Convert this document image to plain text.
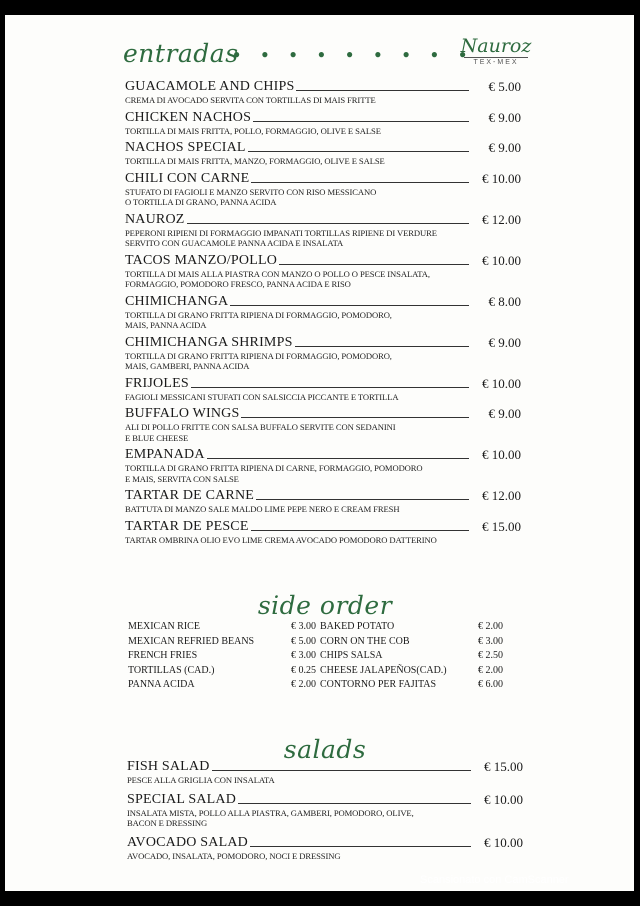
entradas
● ● ● ● ● ● ● ● ●
Nauroz
TEX-MEX
GUACAMOLE AND CHIPS	€ 5.00
CREMA DI AVOCADO SERVITA CON TORTILLAS DI MAIS FRITTE
CHICKEN NACHOS	€ 9.00
TORTILLA DI MAIS FRITTA, POLLO, FORMAGGIO, OLIVE E SALSE
NACHOS SPECIAL	€ 9.00
TORTILLA DI MAIS FRITTA, MANZO, FORMAGGIO, OLIVE E SALSE
CHILI CON CARNE	€ 10.00
STUFATO DI FAGIOLI E MANZO SERVITO CON RISO MESSICANO
O TORTILLA DI GRANO, PANNA ACIDA
NAUROZ	€ 12.00
PEPERONI RIPIENI DI FORMAGGIO IMPANATI TORTILLAS RIPIENE DI VERDURE
SERVITO CON GUACAMOLE PANNA ACIDA E INSALATA
TACOS MANZO/POLLO	€ 10.00
TORTILLA DI MAIS ALLA PIASTRA CON MANZO O POLLO O PESCE INSALATA,
FORMAGGIO, POMODORO FRESCO, PANNA ACIDA E RISO
CHIMICHANGA	€ 8.00
TORTILLA DI GRANO FRITTA RIPIENA DI FORMAGGIO, POMODORO,
MAIS, PANNA ACIDA
CHIMICHANGA SHRIMPS	€ 9.00
TORTILLA DI GRANO FRITTA RIPIENA DI FORMAGGIO, POMODORO,
MAIS, GAMBERI, PANNA ACIDA
FRIJOLES	€ 10.00
FAGIOLI MESSICANI STUFATI CON SALSICCIA PICCANTE E TORTILLA
BUFFALO WINGS	€ 9.00
ALI DI POLLO FRITTE CON SALSA BUFFALO SERVITE CON SEDANINI
E BLUE CHEESE
EMPANADA	€ 10.00
TORTILLA DI GRANO FRITTA RIPIENA DI CARNE, FORMAGGIO, POMODORO
E MAIS, SERVITA CON SALSE
TARTAR DE CARNE	€ 12.00
BATTUTA DI MANZO SALE MALDO LIME PEPE NERO E CREAM FRESH
TARTAR DE PESCE	€ 15.00
TARTAR OMBRINA OLIO EVO LIME CREMA AVOCADO POMODORO DATTERINO
side order
MEXICAN RICE	€ 3.00 BAKED POTATO	€ 2.00
MEXICAN REFRIED BEANS	€ 5.00 CORN ON THE COB	€ 3.00
FRENCH FRIES	€ 3.00 CHIPS SALSA	€ 2.50
TORTILLAS (CAD.)	€ 0.25 CHEESE JALAPEÑOS(CAD.)	€ 2.00
PANNA ACIDA	€ 2.00 CONTORNO PER FAJITAS	€ 6.00
salads
FISH SALAD	€ 15.00
PESCE ALLA GRIGLIA CON INSALATA
SPECIAL SALAD	€ 10.00
INSALATA MISTA, POLLO ALLA PIASTRA, GAMBERI, POMODORO, OLIVE,
BACON E DRESSING
AVOCADO SALAD	€ 10.00
AVOCADO, INSALATA, POMODORO, NOCI E DRESSING
Scansionato con CamScanner
